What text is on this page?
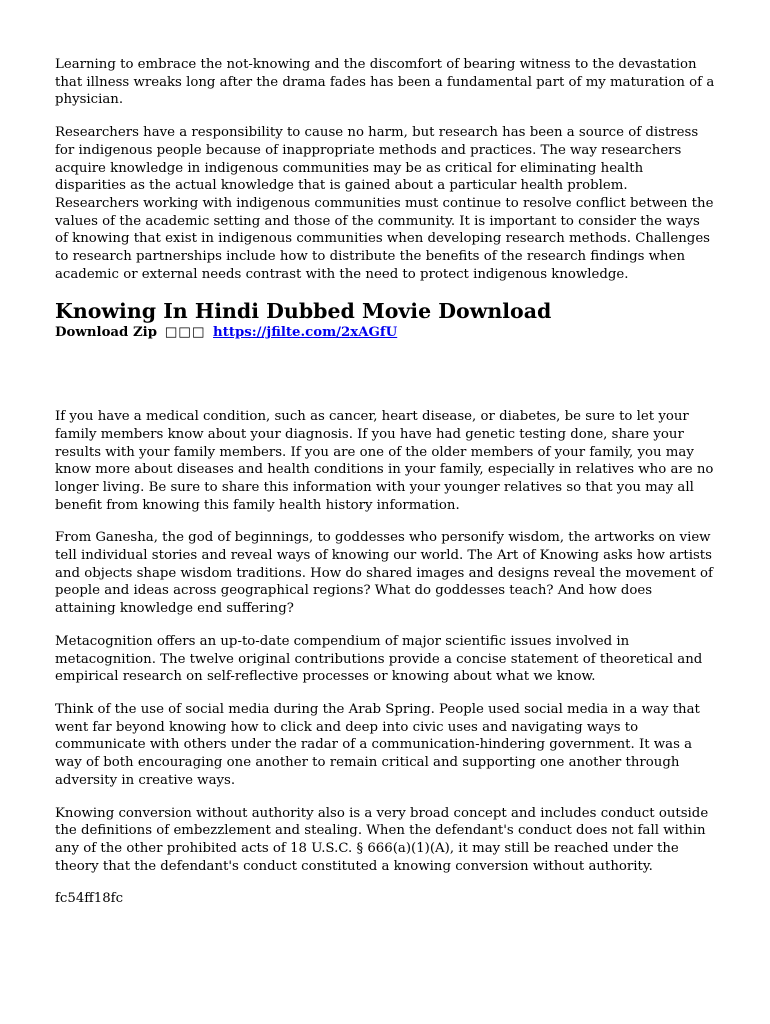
Learning to embrace the not-knowing and the discomfort of bearing witness to the devastation that illness wreaks long after the drama fades has been a fundamental part of my maturation of a physician.

Researchers have a responsibility to cause no harm, but research has been a source of distress for indigenous people because of inappropriate methods and practices. The way researchers acquire knowledge in indigenous communities may be as critical for eliminating health disparities as the actual knowledge that is gained about a particular health problem. Researchers working with indigenous communities must continue to resolve conflict between the values of the academic setting and those of the community. It is important to consider the ways of knowing that exist in indigenous communities when developing research methods. Challenges to research partnerships include how to distribute the benefits of the research findings when academic or external needs contrast with the need to protect indigenous knowledge.

Knowing In Hindi Dubbed Movie Download

Download Zip □□□ https://jfilte.com/2xAGfU

If you have a medical condition, such as cancer, heart disease, or diabetes, be sure to let your family members know about your diagnosis. If you have had genetic testing done, share your results with your family members. If you are one of the older members of your family, you may know more about diseases and health conditions in your family, especially in relatives who are no longer living. Be sure to share this information with your younger relatives so that you may all benefit from knowing this family health history information.

From Ganesha, the god of beginnings, to goddesses who personify wisdom, the artworks on view tell individual stories and reveal ways of knowing our world. The Art of Knowing asks how artists and objects shape wisdom traditions. How do shared images and designs reveal the movement of people and ideas across geographical regions? What do goddesses teach? And how does attaining knowledge end suffering?

Metacognition offers an up-to-date compendium of major scientific issues involved in metacognition. The twelve original contributions provide a concise statement of theoretical and empirical research on self-reflective processes or knowing about what we know.

Think of the use of social media during the Arab Spring. People used social media in a way that went far beyond knowing how to click and deep into civic uses and navigating ways to communicate with others under the radar of a communication-hindering government. It was a way of both encouraging one another to remain critical and supporting one another through adversity in creative ways.

Knowing conversion without authority also is a very broad concept and includes conduct outside the definitions of embezzlement and stealing. When the defendant's conduct does not fall within any of the other prohibited acts of 18 U.S.C. § 666(a)(1)(A), it may still be reached under the theory that the defendant's conduct constituted a knowing conversion without authority.

fc54ff18fc
